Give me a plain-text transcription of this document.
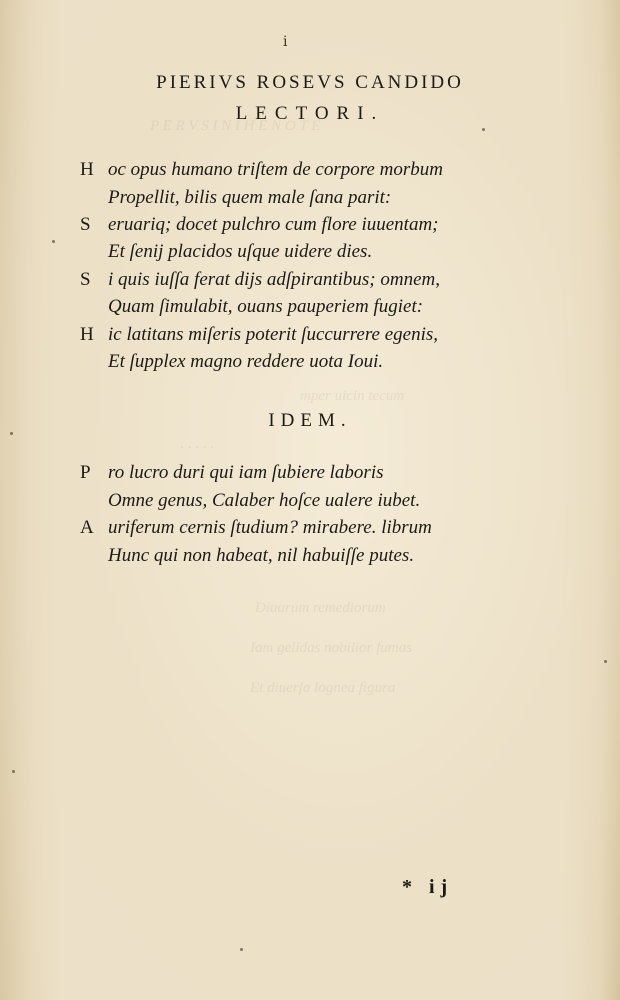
P E R V S I N I H E N O T E
mper uicin tecum
· · · · ·
Diuarum remediorum
Iam gelidas nobilior fumas
Et diuerſa lognea figura
i
PIERIVS ROSEVS CANDIDO
LECTORI.
H oc opus humano triſtem de corpore morbum
Propellit, bilis quem male ſana parit:
S eruariq; docet pulchro cum flore iuuentam;
Et ſenij placidos uſque uidere dies.
S i quis iuſſa ferat dijs adſpirantibus; omnem,
Quam ſimulabit, ouans pauperiem fugiet:
H ic latitans miſeris poterit ſuccurrere egenis,
Et ſupplex magno reddere uota Ioui.
IDEM.
P ro lucro duri qui iam ſubiere laboris
Omne genus, Calaber hoſce ualere iubet.
A uriferum cernis ſtudium? mirabere. librum
Hunc qui non habeat, nil habuiſſe putes.
* ij
